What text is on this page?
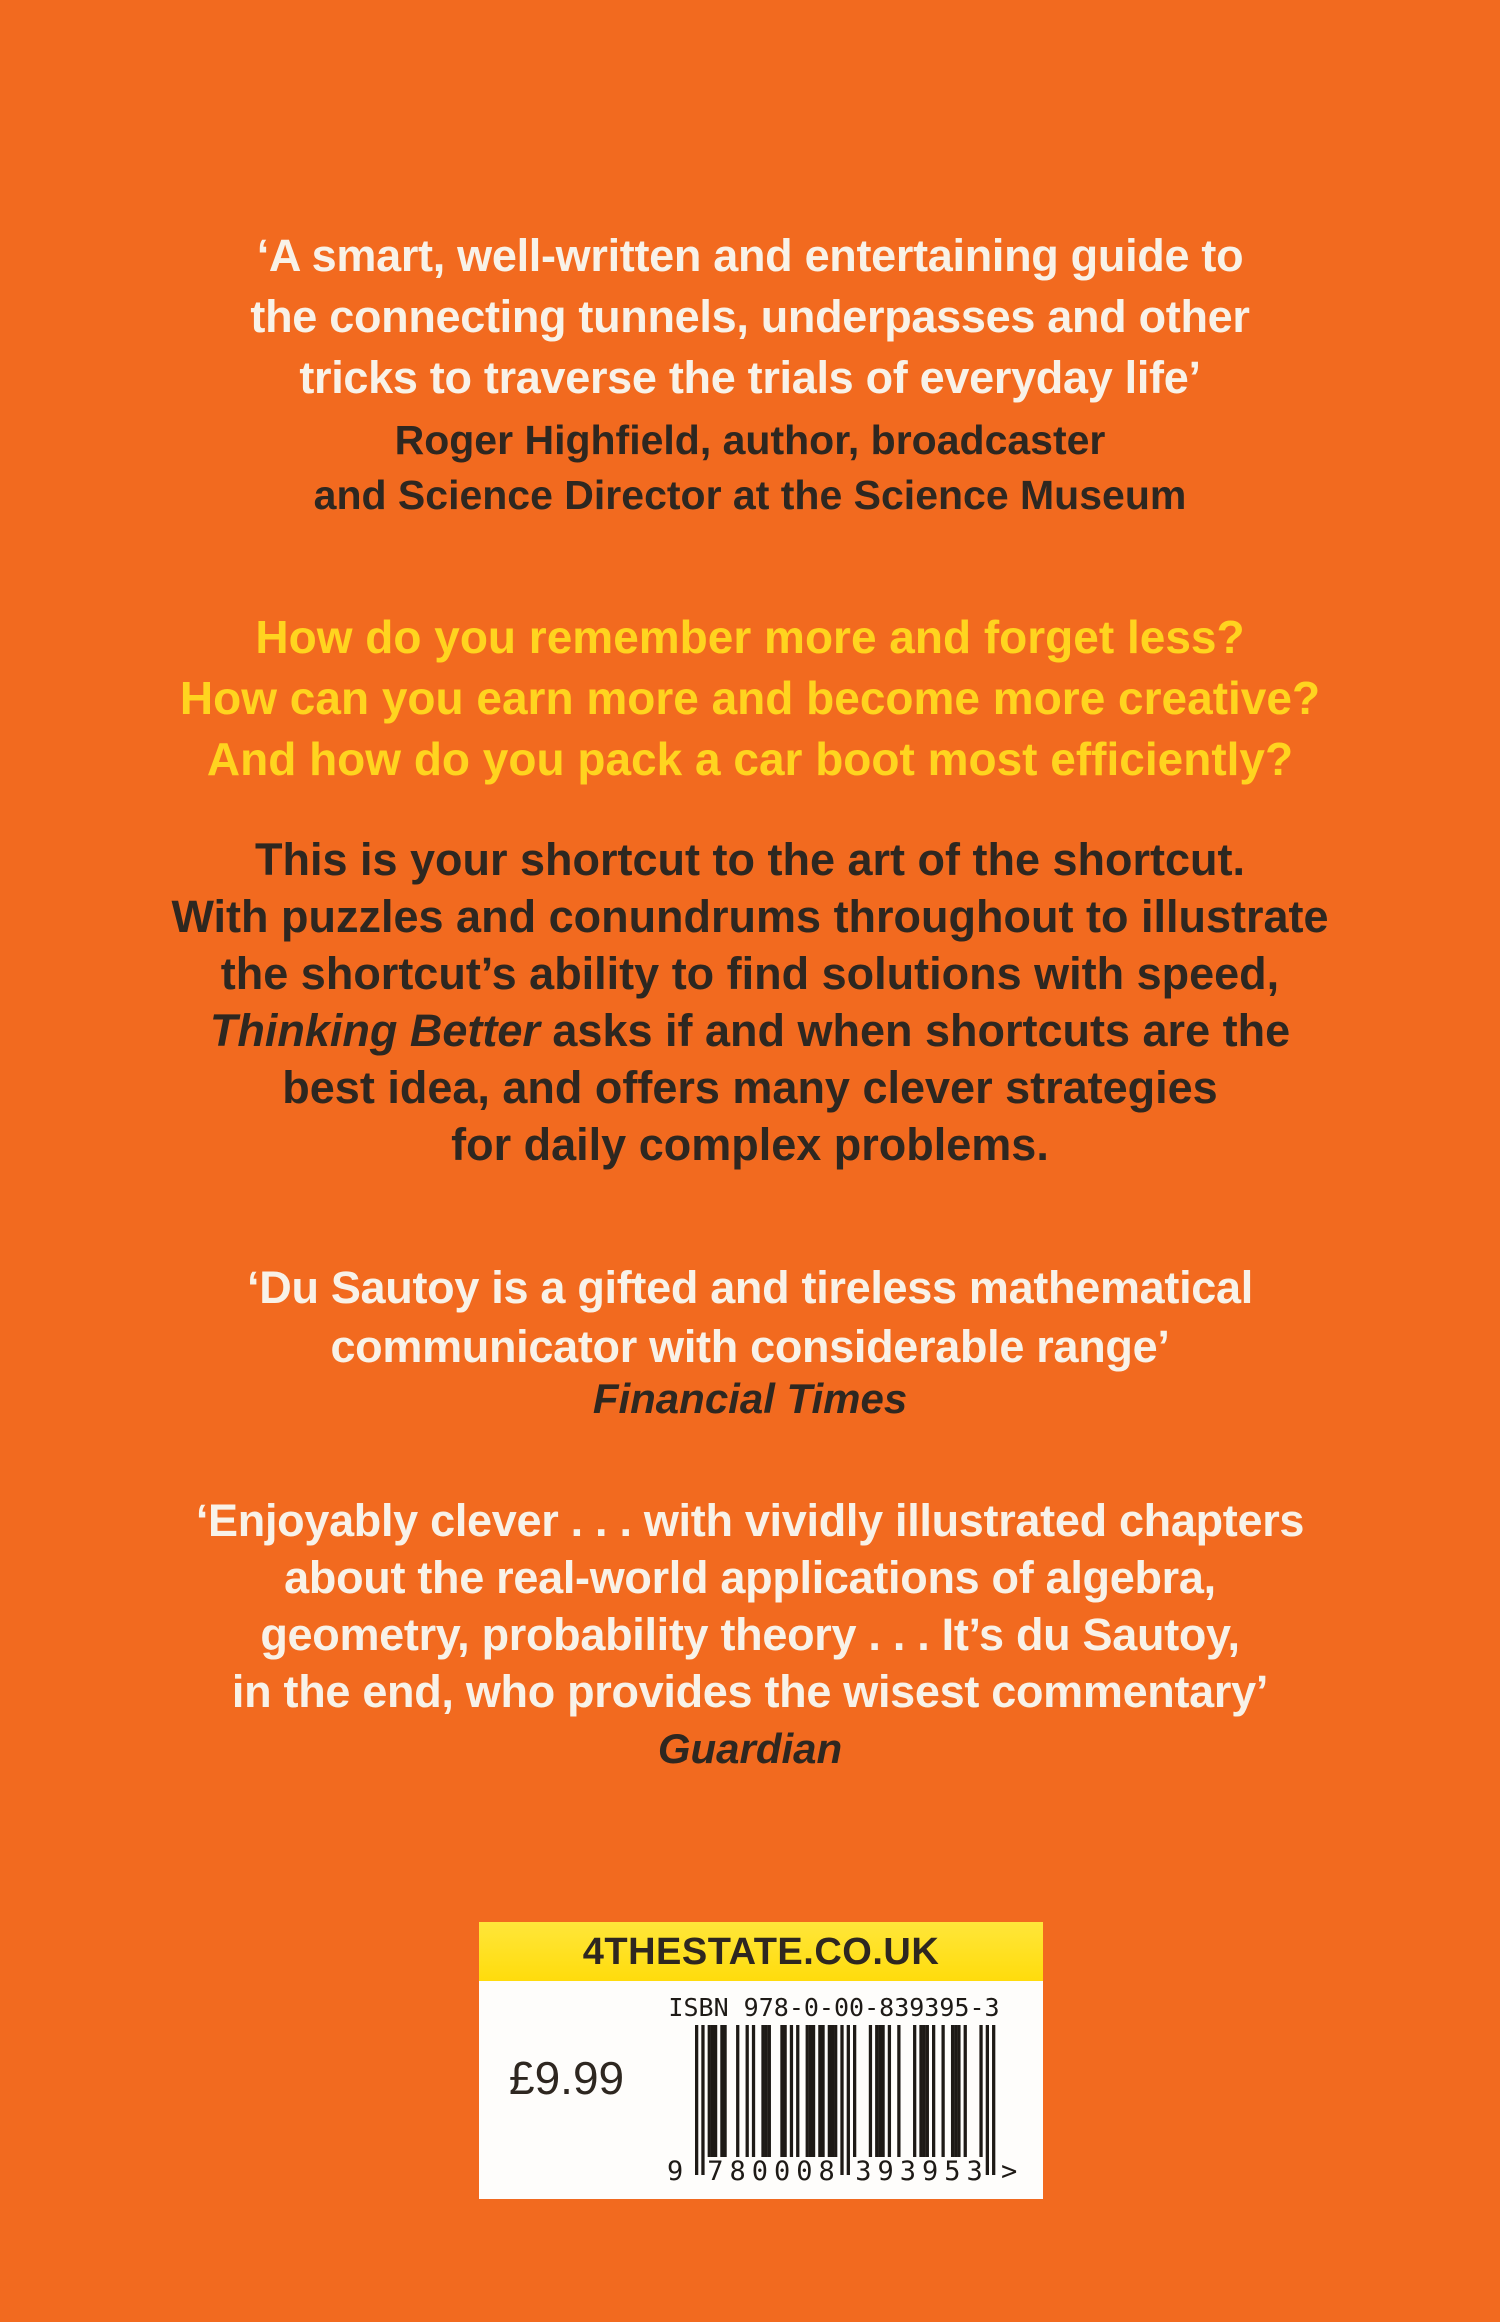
‘A smart, well-written and entertaining guide to
the connecting tunnels, underpasses and other
tricks to traverse the trials of everyday life’
Roger Highfield, author, broadcaster
and Science Director at the Science Museum
How do you remember more and forget less?
How can you earn more and become more creative?
And how do you pack a car boot most efficiently?
This is your shortcut to the art of the shortcut.
With puzzles and conundrums throughout to illustrate
the shortcut’s ability to find solutions with speed,
Thinking Better asks if and when shortcuts are the
best idea, and offers many clever strategies
for daily complex problems.
‘Du Sautoy is a gifted and tireless mathematical
communicator with considerable range’
Financial Times
‘Enjoyably clever . . . with vividly illustrated chapters
about the real-world applications of algebra,
geometry, probability theory . . . It’s du Sautoy,
in the end, who provides the wisest commentary’
Guardian
4THESTATE.CO.UK
ISBN 978-0-00-839395-3
£9.99
9 780008 393953 >
